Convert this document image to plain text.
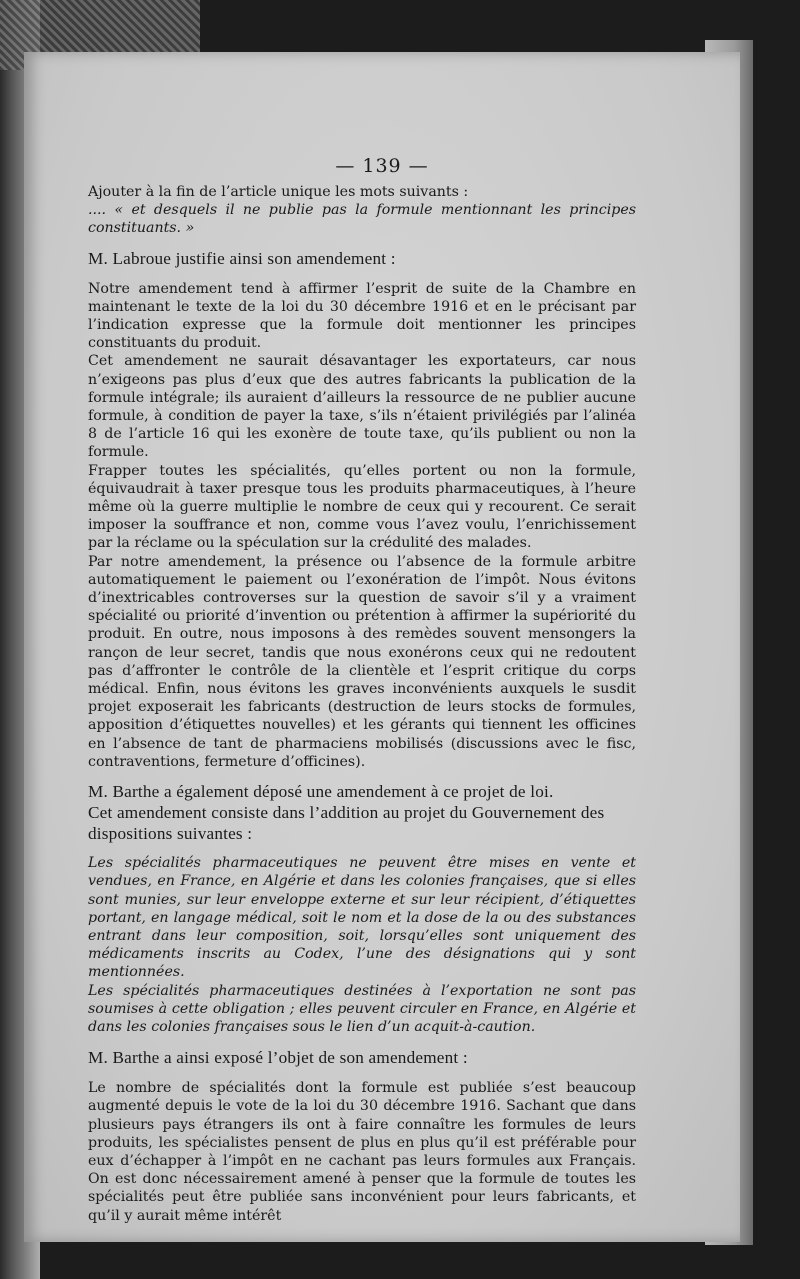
— 139 —

Ajouter à la fin de l’article unique les mots suivants :

.... « et desquels il ne publie pas la formule mentionnant les principes constituants. »

M. Labroue justifie ainsi son amendement :

Notre amendement tend à affirmer l’esprit de suite de la Chambre en maintenant le texte de la loi du 30 décembre 1916 et en le précisant par l’indication expresse que la formule doit mentionner les principes constituants du produit.

Cet amendement ne saurait désavantager les exportateurs, car nous n’exigeons pas plus d’eux que des autres fabricants la publication de la formule intégrale; ils auraient d’ailleurs la ressource de ne publier aucune formule, à condition de payer la taxe, s’ils n’étaient privilégiés par l’alinéa 8 de l’article 16 qui les exonère de toute taxe, qu’ils publient ou non la formule.

Frapper toutes les spécialités, qu’elles portent ou non la formule, équivaudrait à taxer presque tous les produits pharmaceutiques, à l’heure même où la guerre multiplie le nombre de ceux qui y recourent. Ce serait imposer la souffrance et non, comme vous l’avez voulu, l’enrichissement par la réclame ou la spéculation sur la crédulité des malades.

Par notre amendement, la présence ou l’absence de la formule arbitre automatiquement le paiement ou l’exonération de l’impôt. Nous évitons d’inextricables controverses sur la question de savoir s’il y a vraiment spécialité ou priorité d’invention ou prétention à affirmer la supériorité du produit. En outre, nous imposons à des remèdes souvent mensongers la rançon de leur secret, tandis que nous exonérons ceux qui ne redoutent pas d’affronter le contrôle de la clientèle et l’esprit critique du corps médical. Enfin, nous évitons les graves inconvénients auxquels le susdit projet exposerait les fabricants (destruction de leurs stocks de formules, apposition d’étiquettes nouvelles) et les gérants qui tiennent les officines en l’absence de tant de pharmaciens mobilisés (discussions avec le fisc, contraventions, fermeture d’officines).

M. Barthe a également déposé une amendement à ce projet de loi.
Cet amendement consiste dans l’addition au projet du Gouvernement des dispositions suivantes :

Les spécialités pharmaceutiques ne peuvent être mises en vente et vendues, en France, en Algérie et dans les colonies françaises, que si elles sont munies, sur leur enveloppe externe et sur leur récipient, d’étiquettes portant, en langage médical, soit le nom et la dose de la ou des substances entrant dans leur composition, soit, lorsqu’elles sont uniquement des médicaments inscrits au Codex, l’une des désignations qui y sont mentionnées.

Les spécialités pharmaceutiques destinées à l’exportation ne sont pas soumises à cette obligation ; elles peuvent circuler en France, en Algérie et dans les colonies françaises sous le lien d’un acquit-à-caution.

M. Barthe a ainsi exposé l’objet de son amendement :

Le nombre de spécialités dont la formule est publiée s’est beaucoup augmenté depuis le vote de la loi du 30 décembre 1916. Sachant que dans plusieurs pays étrangers ils ont à faire connaître les formules de leurs produits, les spécialistes pensent de plus en plus qu’il est préférable pour eux d’échapper à l’impôt en ne cachant pas leurs formules aux Français. On est donc nécessairement amené à penser que la formule de toutes les spécialités peut être publiée sans inconvénient pour leurs fabricants, et qu’il y aurait même intérêt
